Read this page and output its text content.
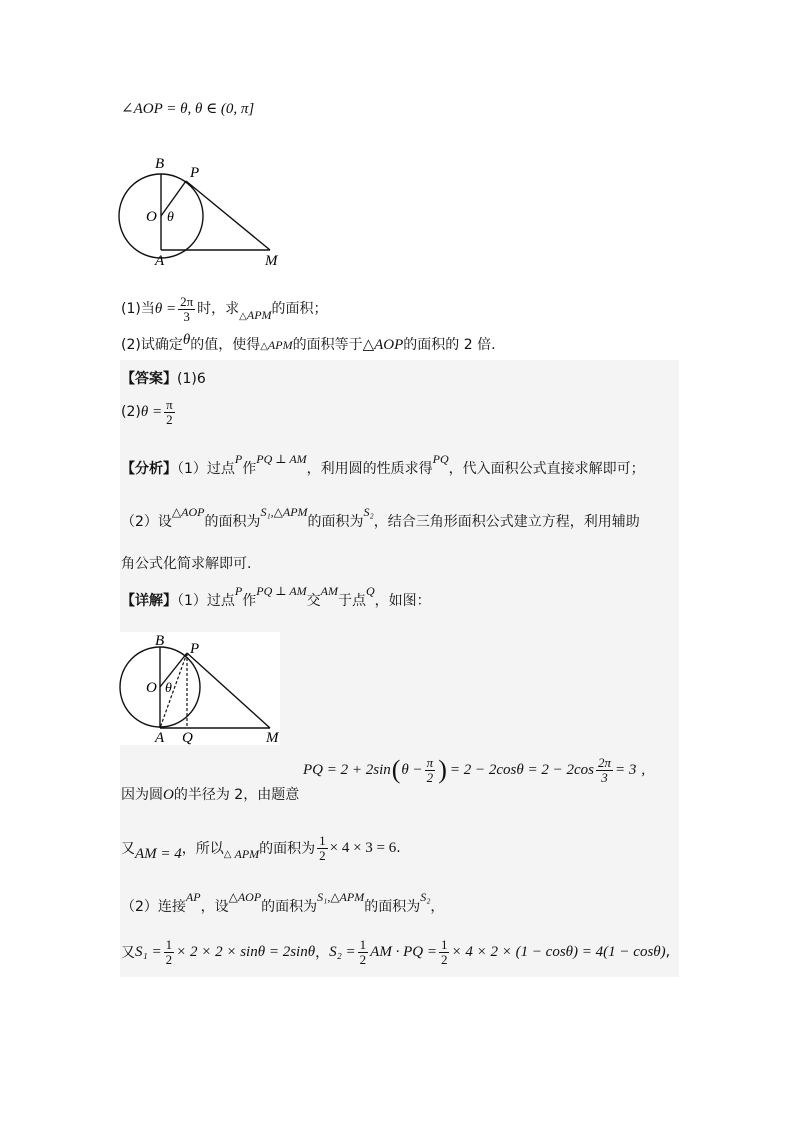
∠AOP = θ, θ ∈ (0, π]
B
P
O θ
A	M
(1)当$\theta = \frac{2\pi}{3}$ 时，求$_\triangle$APM的面积；
(2)试确定θ的值，使得△APM的面积等于△AOP的面积的 2 倍.
【答案】(1)6
$(2)\theta = \frac{\pi}{2}$
【分析】（1）过点P作PQ ⊥ AM，利用圆的性质求得PQ，代入面积公式直接求解即可；
（2）设△AOP的面积为S₁,△APM的面积为S₂，结合三角形面积公式建立方程，利用辅助
角公式化简求解即可.
【详解】（1）过点P作PQ ⊥ AM交AM于点Q，如图：
B P
O θ
A Q	M
因为圆O的半径为 2，由题意
PQ = 2 + 2sin ( $\theta - \frac{\pi}{2}$ ) = $2 - 2\cos\theta = 2 - 2\cos \frac{2\pi}{3} = 3$ ,
又 AM = 4 ，所以 △ APM 的面积为 $\frac{1}{2} \times 4 \times 3 = 6$ .
（2）连接AP，设△AOP的面积为S₁,△APM的面积为S₂，
又 $S_1 = \frac{1}{2} \times 2 \times 2 \times \sin\theta = 2\sin\theta$ ， $S_2 = \frac{1}{2}$ AM · PQ = $\frac{1}{2} \times 4 \times 2 \times (1 - \cos\theta) = 4(1 - \cos\theta)$ ,
